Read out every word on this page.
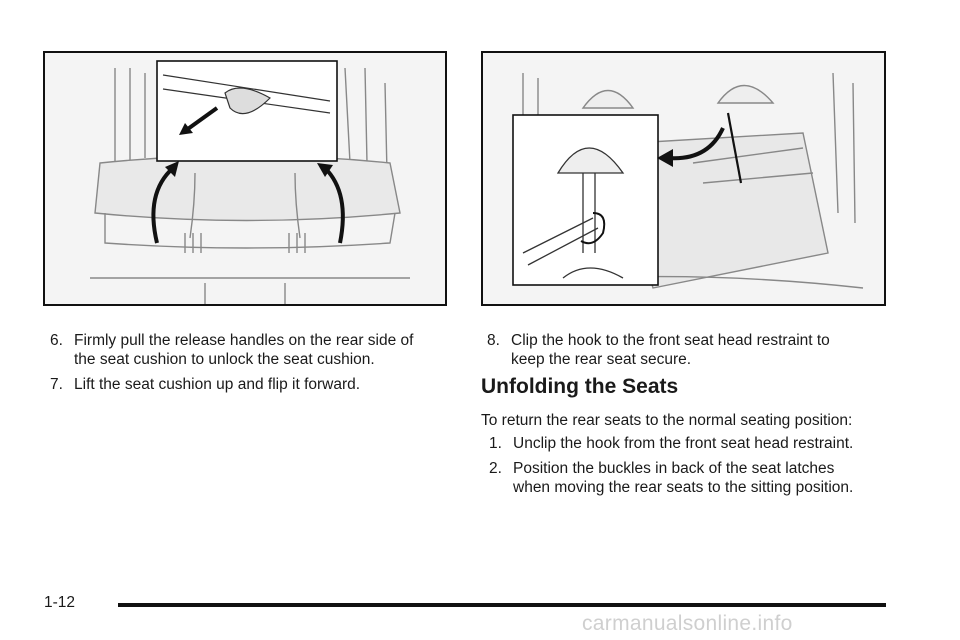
6. Firmly pull the release handles on the rear side of
the seat cushion to unlock the seat cushion.
7. Lift the seat cushion up and flip it forward.
8. Clip the hook to the front seat head restraint to
keep the rear seat secure.
Unfolding the Seats
To return the rear seats to the normal seating position:
1. Unclip the hook from the front seat head restraint.
2. Position the buckles in back of the seat latches
when moving the rear seats to the sitting position.
1-12
carmanualsonline.info
